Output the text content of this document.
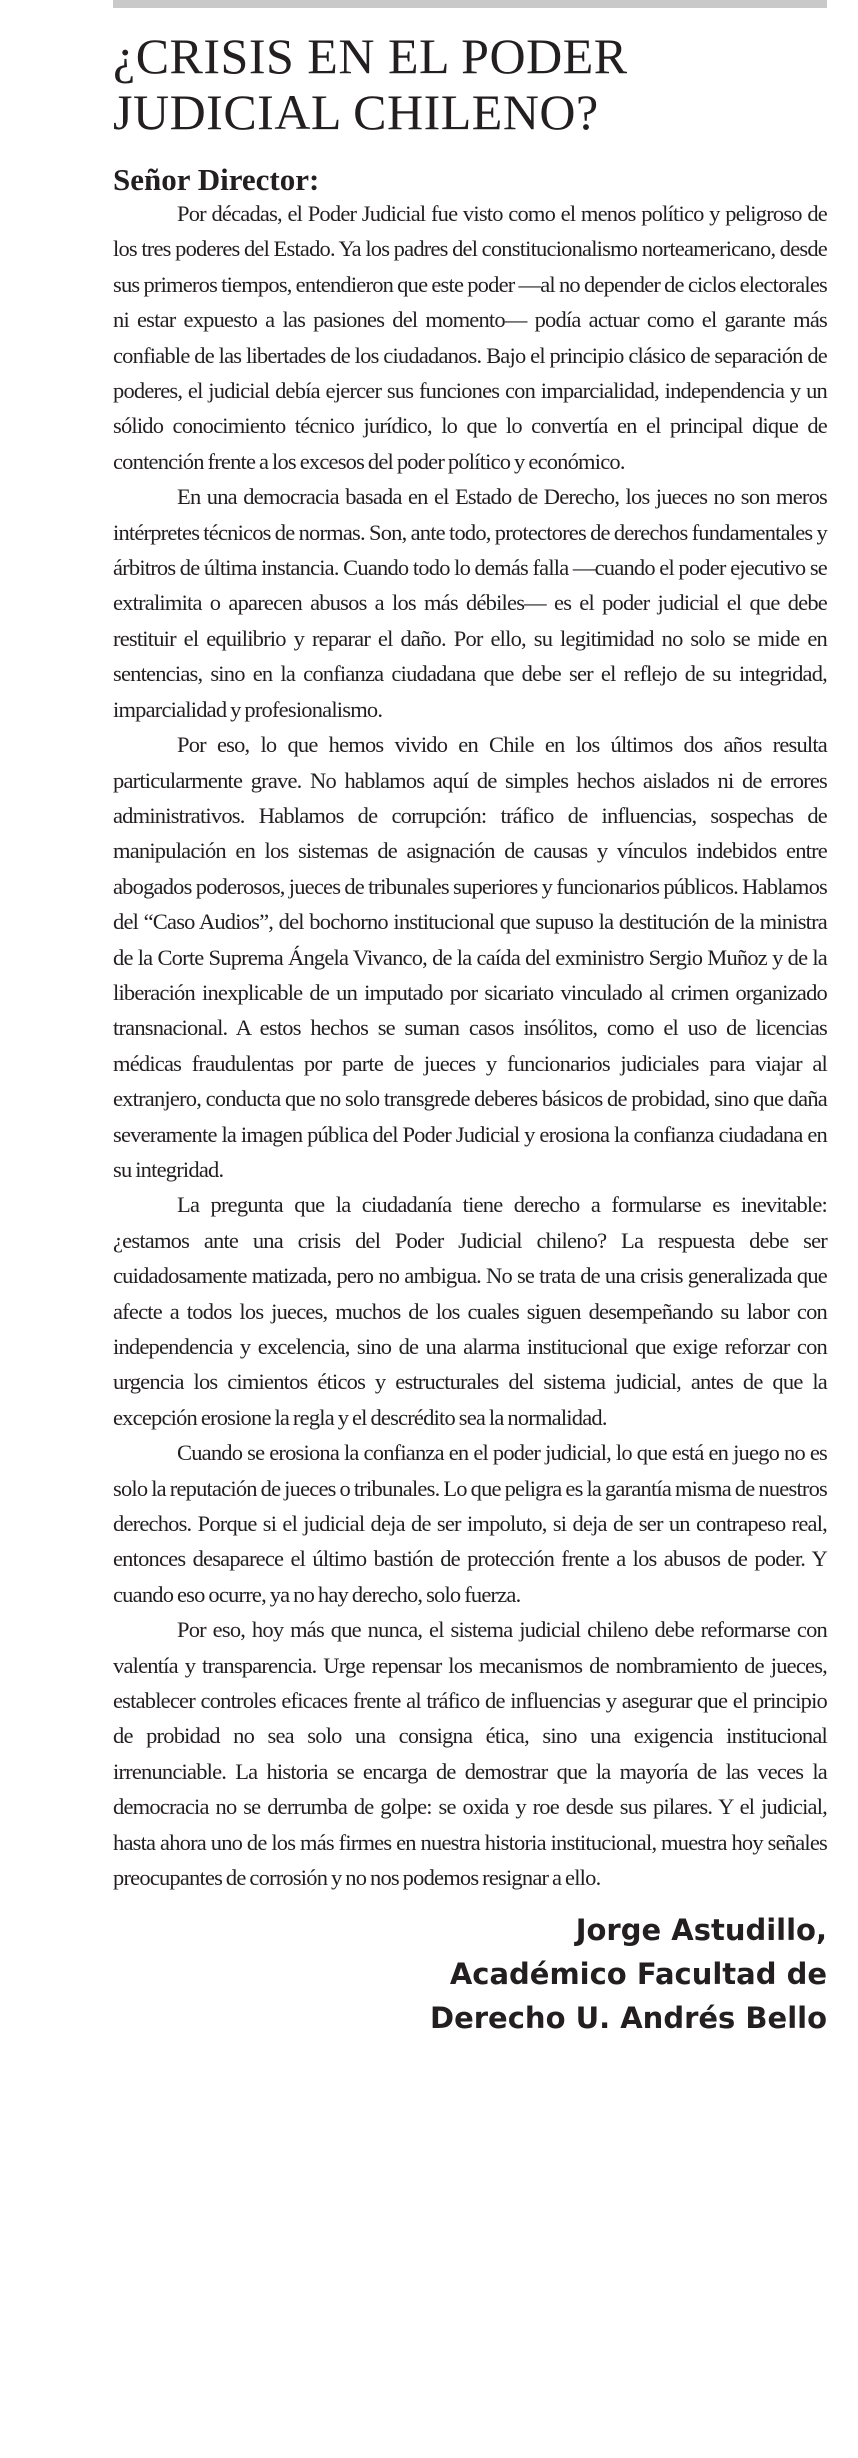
¿CRISIS EN EL PODER
JUDICIAL CHILENO?

Señor Director:

Por décadas, el Poder Judicial fue visto como el menos político y peligroso de los tres poderes del Estado. Ya los padres del constitucionalismo norteamericano, desde sus primeros tiempos, entendieron que este poder —al no depender de ciclos electorales ni estar expuesto a las pasiones del momento— podía actuar como el garante más confiable de las libertades de los ciudadanos. Bajo el principio clásico de separación de poderes, el judicial debía ejercer sus funciones con imparcialidad, independencia y un sólido conocimiento técnico jurídico, lo que lo convertía en el principal dique de contención frente a los excesos del poder político y económico.

En una democracia basada en el Estado de Derecho, los jueces no son meros intérpretes técnicos de normas. Son, ante todo, protectores de derechos fundamentales y árbitros de última instancia. Cuando todo lo demás falla —cuando el poder ejecutivo se extralimita o aparecen abusos a los más débiles— es el poder judicial el que debe restituir el equilibrio y reparar el daño. Por ello, su legitimidad no solo se mide en sentencias, sino en la confianza ciudadana que debe ser el reflejo de su integridad, imparcialidad y profesionalismo.

Por eso, lo que hemos vivido en Chile en los últimos dos años resulta particularmente grave. No hablamos aquí de simples hechos aislados ni de errores administrativos. Hablamos de corrupción: tráfico de influencias, sospechas de manipulación en los sistemas de asignación de causas y vínculos indebidos entre abogados poderosos, jueces de tribunales superiores y funcionarios públicos. Hablamos del “Caso Audios”, del bochorno institucional que supuso la destitución de la ministra de la Corte Suprema Ángela Vivanco, de la caída del exministro Sergio Muñoz y de la liberación inexplicable de un imputado por sicariato vinculado al crimen organizado transnacional. A estos hechos se suman casos insólitos, como el uso de licencias médicas fraudulentas por parte de jueces y funcionarios judiciales para viajar al extranjero, conducta que no solo transgrede deberes básicos de probidad, sino que daña severamente la imagen pública del Poder Judicial y erosiona la confianza ciudadana en su integridad.

La pregunta que la ciudadanía tiene derecho a formularse es inevitable: ¿estamos ante una crisis del Poder Judicial chileno? La respuesta debe ser cuidadosamente matizada, pero no ambigua. No se trata de una crisis generalizada que afecte a todos los jueces, muchos de los cuales siguen desempeñando su labor con independencia y excelencia, sino de una alarma institucional que exige reforzar con urgencia los cimientos éticos y estructurales del sistema judicial, antes de que la excepción erosione la regla y el descrédito sea la normalidad.

Cuando se erosiona la confianza en el poder judicial, lo que está en juego no es solo la reputación de jueces o tribunales. Lo que peligra es la garantía misma de nuestros derechos. Porque si el judicial deja de ser impoluto, si deja de ser un contrapeso real, entonces desaparece el último bastión de protección frente a los abusos de poder. Y cuando eso ocurre, ya no hay derecho, solo fuerza.

Por eso, hoy más que nunca, el sistema judicial chileno debe reformarse con valentía y transparencia. Urge repensar los mecanismos de nombramiento de jueces, establecer controles eficaces frente al tráfico de influencias y asegurar que el principio de probidad no sea solo una consigna ética, sino una exigencia institucional irrenunciable. La historia se encarga de demostrar que la mayoría de las veces la democracia no se derrumba de golpe: se oxida y roe desde sus pilares. Y el judicial, hasta ahora uno de los más firmes en nuestra historia institucional, muestra hoy señales preocupantes de corrosión y no nos podemos resignar a ello.

Jorge Astudillo,
Académico Facultad de
Derecho U. Andrés Bello
